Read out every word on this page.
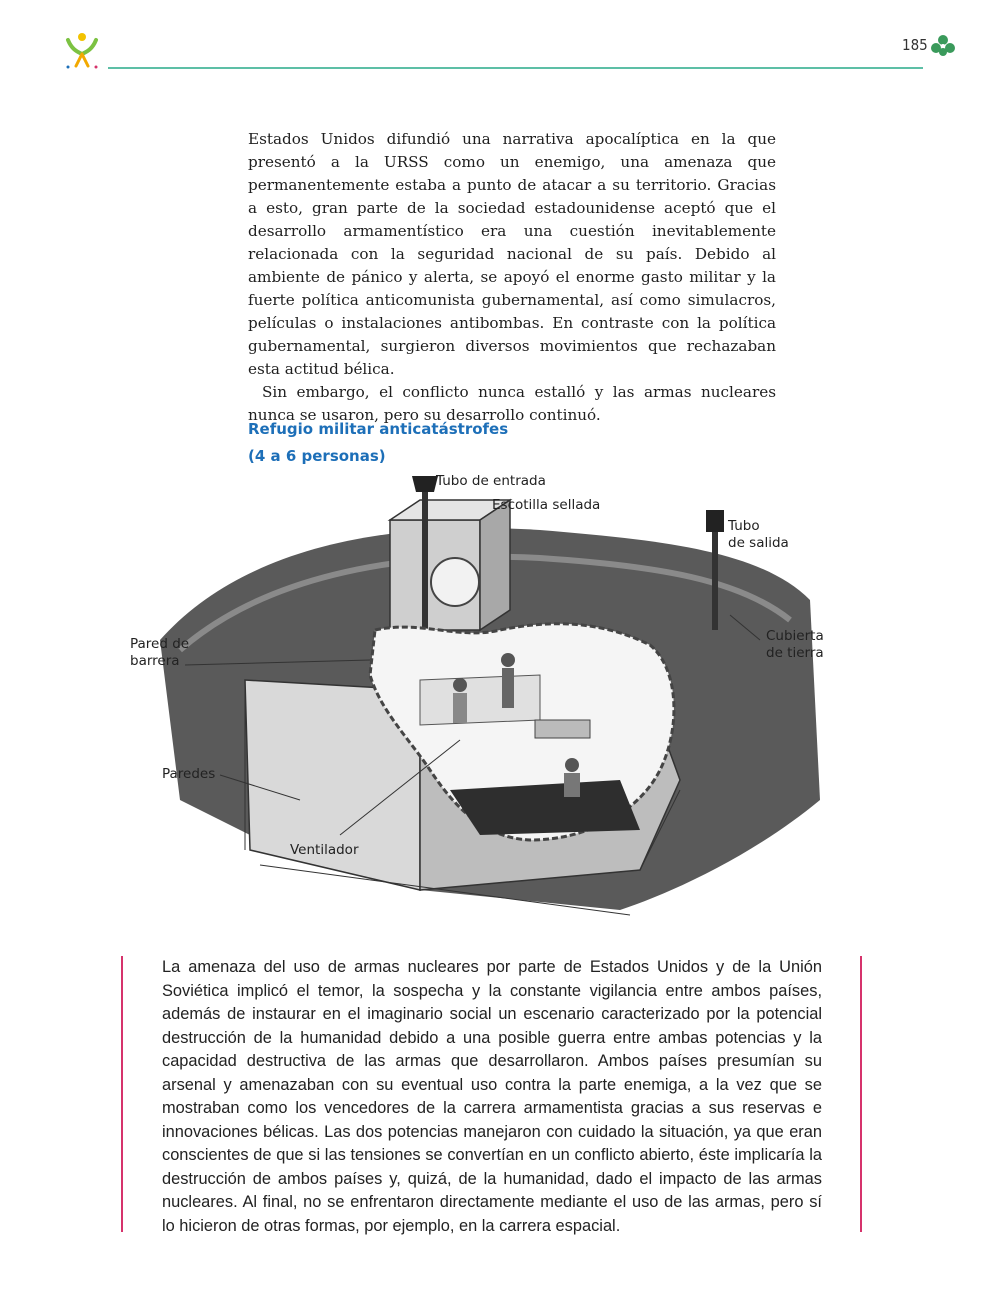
185

Estados Unidos difundió una narrativa apocalíptica en la que presentó a la URSS como un enemigo, una amenaza que permanentemente estaba a punto de atacar a su territorio. Gracias a esto, gran parte de la sociedad estadounidense aceptó que el desarrollo armamentístico era una cuestión inevitablemente relacionada con la seguridad nacional de su país. Debido al ambiente de pánico y alerta, se apoyó el enorme gasto militar y la fuerte política anticomunista gubernamental, así como simulacros, películas o instalaciones antibombas. En contraste con la política gubernamental, surgieron diversos movimientos que rechazaban esta actitud bélica.

Sin embargo, el conflicto nunca estalló y las armas nucleares nunca se usaron, pero su desarrollo continuó.

Refugio militar anticatástrofes
(4 a 6 personas)
Tubo de entrada
Escotilla sellada
Tubo
de salida
Cubierta
de tierra
Pared de
barrera
Paredes
Ventilador
La amenaza del uso de armas nucleares por parte de Estados Unidos y de la Unión Soviética implicó el temor, la sospecha y la constante vigilancia entre ambos países, además de instaurar en el imaginario social un escenario caracterizado por la potencial destrucción de la humanidad debido a una posible guerra entre ambas potencias y la capacidad destructiva de las armas que desarrollaron. Ambos países presumían su arsenal y amenazaban con su eventual uso contra la parte enemiga, a la vez que se mostraban como los vencedores de la carrera armamentista gracias a sus reservas e innovaciones bélicas. Las dos potencias manejaron con cuidado la situación, ya que eran conscientes de que si las tensiones se convertían en un conflicto abierto, éste implicaría la destrucción de ambos países y, quizá, de la humanidad, dado el impacto de las armas nucleares. Al final, no se enfrentaron directamente mediante el uso de las armas, pero sí lo hicieron de otras formas, por ejemplo, en la carrera espacial.
